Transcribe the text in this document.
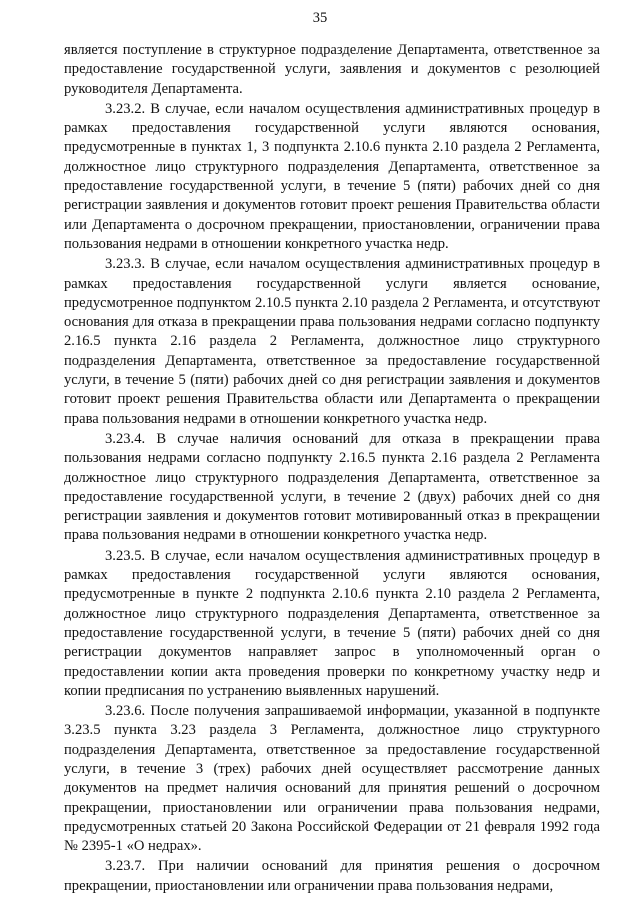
35

является поступление в структурное подразделение Департамента, ответственное за предоставление государственной услуги, заявления и документов с резолюцией руководителя Департамента.

3.23.2. В случае, если началом осуществления административных процедур в рамках предоставления государственной услуги являются основания, предусмотренные в пунктах 1, 3 подпункта 2.10.6 пункта 2.10 раздела 2 Регламента, должностное лицо структурного подразделения Департамента, ответственное за предоставление государственной услуги, в течение 5 (пяти) рабочих дней со дня регистрации заявления и документов готовит проект решения Правительства области или Департамента о досрочном прекращении, приостановлении, ограничении права пользования недрами в отношении конкретного участка недр.

3.23.3. В случае, если началом осуществления административных процедур в рамках предоставления государственной услуги является основание, предусмотренное подпунктом 2.10.5 пункта 2.10 раздела 2 Регламента, и отсутствуют основания для отказа в прекращении права пользования недрами согласно подпункту 2.16.5 пункта 2.16 раздела 2 Регламента, должностное лицо структурного подразделения Департамента, ответственное за предоставление государственной услуги, в течение 5 (пяти) рабочих дней со дня регистрации заявления и документов готовит проект решения Правительства области или Департамента о прекращении права пользования недрами в отношении конкретного участка недр.

3.23.4. В случае наличия оснований для отказа в прекращении права пользования недрами согласно подпункту 2.16.5 пункта 2.16 раздела 2 Регламента должностное лицо структурного подразделения Департамента, ответственное за предоставление государственной услуги, в течение 2 (двух) рабочих дней со дня регистрации заявления и документов готовит мотивированный отказ в прекращении права пользования недрами в отношении конкретного участка недр.

3.23.5. В случае, если началом осуществления административных процедур в рамках предоставления государственной услуги являются основания, предусмотренные в пункте 2 подпункта 2.10.6 пункта 2.10 раздела 2 Регламента, должностное лицо структурного подразделения Департамента, ответственное за предоставление государственной услуги, в течение 5 (пяти) рабочих дней со дня регистрации документов направляет запрос в уполномоченный орган о предоставлении копии акта проведения проверки по конкретному участку недр и копии предписания по устранению выявленных нарушений.

3.23.6. После получения запрашиваемой информации, указанной в подпункте 3.23.5 пункта 3.23 раздела 3 Регламента, должностное лицо структурного подразделения Департамента, ответственное за предоставление государственной услуги, в течение 3 (трех) рабочих дней осуществляет рассмотрение данных документов на предмет наличия оснований для принятия решений о досрочном прекращении, приостановлении или ограничении права пользования недрами, предусмотренных статьей 20 Закона Российской Федерации от 21 февраля 1992 года № 2395-1 «О недрах».

3.23.7. При наличии оснований для принятия решения о досрочном прекращении, приостановлении или ограничении права пользования недрами,
